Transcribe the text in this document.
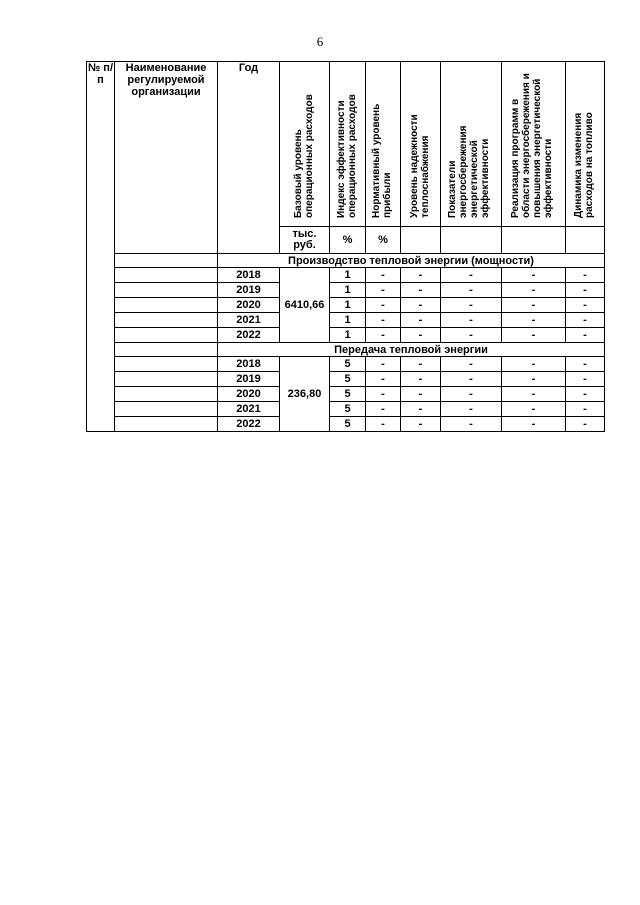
6
№ п/п	Наименование регулируемой организации	Год	Базовый уровень операционных расходов	Индекс эффективности операционных расходов	Нормативный уровень прибыли	Уровень надежности теплоснабжения	Показатели энергосбережения энергетической эффективности	Реализация программ в области энергосбережения и повышения энергетической эффективности	Динамика изменения расходов на топливо
			тыс. руб.	%	%				
		Производство тепловой энергии (мощности)							
		2018	6410,66	1	-	-	-	-	-
		2019		1	-	-	-	-	-
		2020		1	-	-	-	-	-
		2021		1	-	-	-	-	-
		2022		1	-	-	-	-	-
		Передача тепловой энергии							
		2018	236,80	5	-	-	-	-	-
		2019		5	-	-	-	-	-
		2020		5	-	-	-	-	-
		2021		5	-	-	-	-	-
		2022		5	-	-	-	-	-
